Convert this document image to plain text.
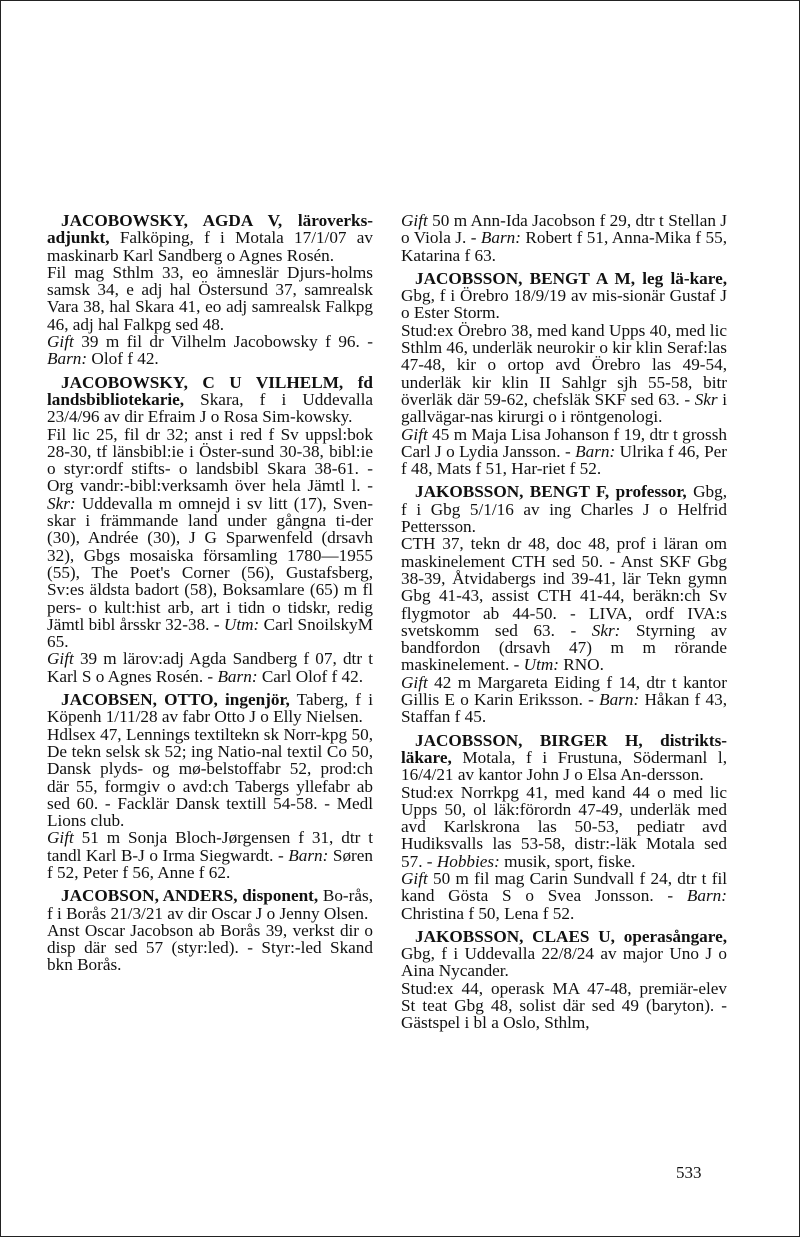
JACOBOWSKY, AGDA V, läroverks-adjunkt, Falköping, f i Motala 17/1/07 av maskinarb Karl Sandberg o Agnes Rosén.

Fil mag Sthlm 33, eo ämneslär Djurs-holms samsk 34, e adj hal Östersund 37, samrealsk Vara 38, hal Skara 41, eo adj samrealsk Falkpg 46, adj hal Falkpg sed 48.

Gift 39 m fil dr Vilhelm Jacobowsky f 96. - Barn: Olof f 42.

JACOBOWSKY, C U VILHELM, fd landsbibliotekarie, Skara, f i Uddevalla 23/4/96 av dir Efraim J o Rosa Sim-kowsky.

Fil lic 25, fil dr 32; anst i red f Sv uppsl:bok 28-30, tf länsbibl:ie i Öster-sund 30-38, bibl:ie o styr:ordf stifts- o landsbibl Skara 38-61. - Org vandr:-bibl:verksamh över hela Jämtl l. - Skr: Uddevalla m omnejd i sv litt (17), Sven-skar i främmande land under gångna ti-der (30), Andrée (30), J G Sparwenfeld (drsavh 32), Gbgs mosaiska församling 1780—1955 (55), The Poet's Corner (56), Gustafsberg, Sv:es äldsta badort (58), Boksamlare (65) m fl pers- o kult:hist arb, art i tidn o tidskr, redig Jämtl bibl årsskr 32-38. - Utm: Carl SnoilskyM 65.

Gift 39 m lärov:adj Agda Sandberg f 07, dtr t Karl S o Agnes Rosén. - Barn: Carl Olof f 42.

JACOBSEN, OTTO, ingenjör, Taberg, f i Köpenh 1/11/28 av fabr Otto J o Elly Nielsen.

Hdlsex 47, Lennings textiltekn sk Norr-kpg 50, De tekn selsk sk 52; ing Natio-nal textil Co 50, Dansk plyds- og mø-belstoffabr 52, prod:ch där 55, formgiv o avd:ch Tabergs yllefabr ab sed 60. - Facklär Dansk textill 54-58. - Medl Lions club.

Gift 51 m Sonja Bloch-Jørgensen f 31, dtr t tandl Karl B-J o Irma Siegwardt. - Barn: Søren f 52, Peter f 56, Anne f 62.

JACOBSON, ANDERS, disponent, Bo-rås, f i Borås 21/3/21 av dir Oscar J o Jenny Olsen.

Anst Oscar Jacobson ab Borås 39, verkst dir o disp där sed 57 (styr:led). - Styr:-led Skand bkn Borås.

Gift 50 m Ann-Ida Jacobson f 29, dtr t Stellan J o Viola J. - Barn: Robert f 51, Anna-Mika f 55, Katarina f 63.

JACOBSSON, BENGT A M, leg lä-kare, Gbg, f i Örebro 18/9/19 av mis-sionär Gustaf J o Ester Storm.

Stud:ex Örebro 38, med kand Upps 40, med lic Sthlm 46, underläk neurokir o kir klin Seraf:las 47-48, kir o ortop avd Örebro las 49-54, underläk kir klin II Sahlgr sjh 55-58, bitr överläk där 59-62, chefsläk SKF sed 63. - Skr i gallvägar-nas kirurgi o i röntgenologi.

Gift 45 m Maja Lisa Johanson f 19, dtr t grossh Carl J o Lydia Jansson. - Barn: Ulrika f 46, Per f 48, Mats f 51, Har-riet f 52.

JAKOBSSON, BENGT F, professor, Gbg, f i Gbg 5/1/16 av ing Charles J o Helfrid Pettersson.

CTH 37, tekn dr 48, doc 48, prof i läran om maskinelement CTH sed 50. - Anst SKF Gbg 38-39, Åtvidabergs ind 39-41, lär Tekn gymn Gbg 41-43, assist CTH 41-44, beräkn:ch Sv flygmotor ab 44-50. - LIVA, ordf IVA:s svetskomm sed 63. - Skr: Styrning av bandfordon (drsavh 47) m m rörande maskinelement. - Utm: RNO.

Gift 42 m Margareta Eiding f 14, dtr t kantor Gillis E o Karin Eriksson. - Barn: Håkan f 43, Staffan f 45.

JACOBSSON, BIRGER H, distrikts-läkare, Motala, f i Frustuna, Södermanl l, 16/4/21 av kantor John J o Elsa An-dersson.

Stud:ex Norrkpg 41, med kand 44 o med lic Upps 50, ol läk:förordn 47-49, underläk med avd Karlskrona las 50-53, pediatr avd Hudiksvalls las 53-58, distr:-läk Motala sed 57. - Hobbies: musik, sport, fiske.

Gift 50 m fil mag Carin Sundvall f 24, dtr t fil kand Gösta S o Svea Jonsson. - Barn: Christina f 50, Lena f 52.

JAKOBSSON, CLAES U, operasångare, Gbg, f i Uddevalla 22/8/24 av major Uno J o Aina Nycander.

Stud:ex 44, operask MA 47-48, premiär-elev St teat Gbg 48, solist där sed 49 (baryton). - Gästspel i bl a Oslo, Sthlm,

533
